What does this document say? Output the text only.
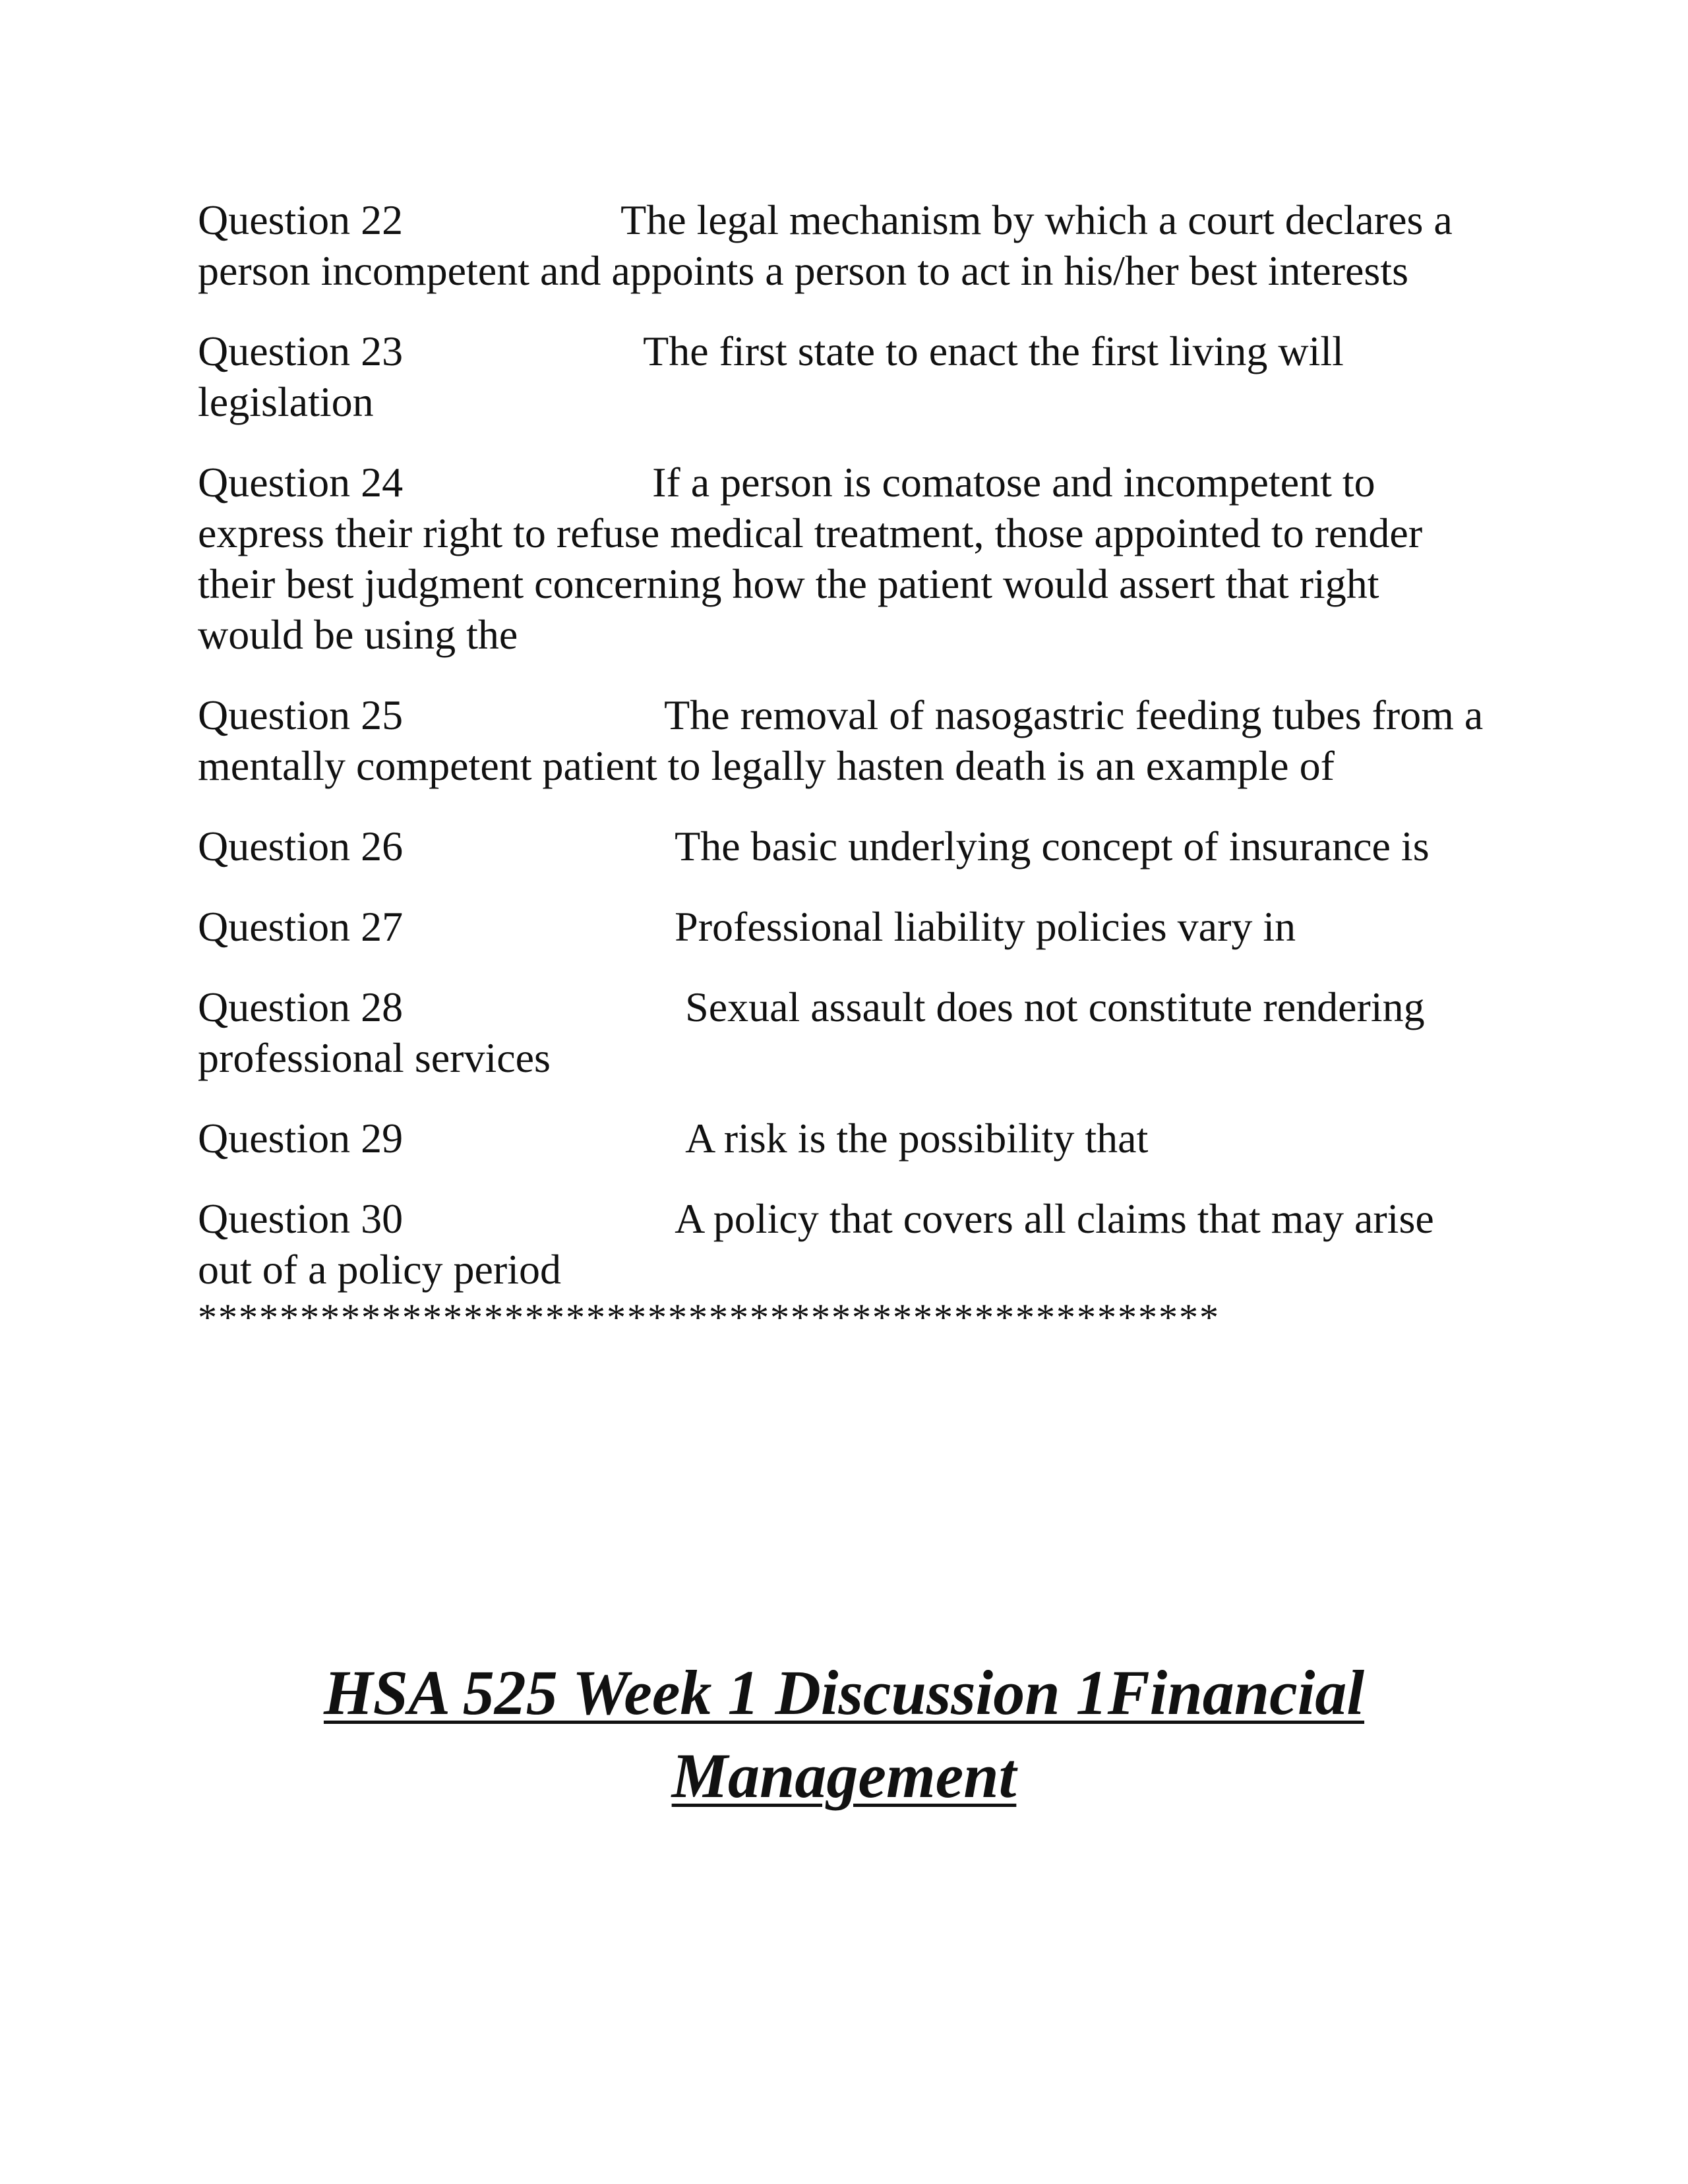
Question 22	The legal mechanism by which a court declares a person incompetent and appoints a person to act in his/her best interests

Question 23	The first state to enact the first living will legislation

Question 24	If a person is comatose and incompetent to express their right to refuse medical treatment, those appointed to render their best judgment concerning how the patient would assert that right would be using the

Question 25	The removal of nasogastric feeding tubes from a mentally competent patient to legally hasten death is an example of

Question 26	The basic underlying concept of insurance is

Question 27	Professional liability policies vary in

Question 28	Sexual assault does not constitute rendering professional services

Question 29	A risk is the possibility that

Question 30	A policy that covers all claims that may arise out of a policy period

**************************************************
HSA 525 Week 1 Discussion 1Financial
Management
